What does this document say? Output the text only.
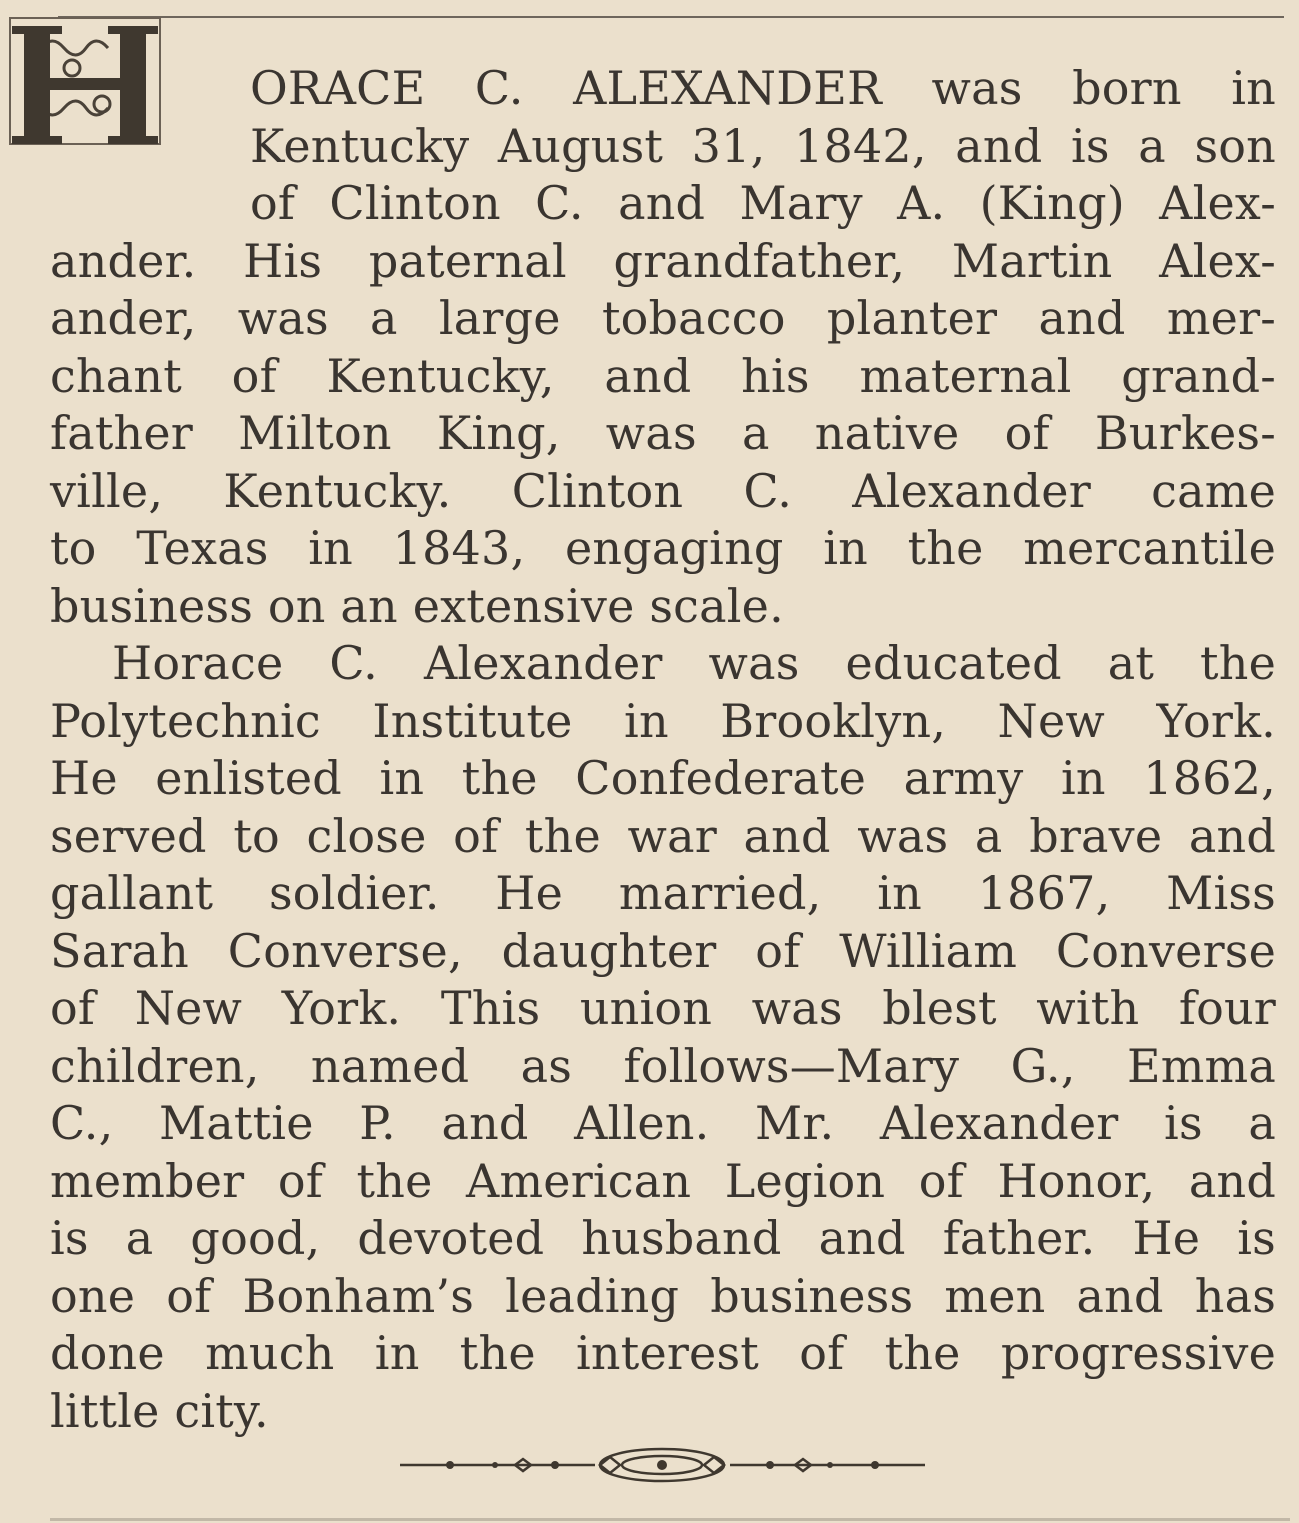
ORACE C. ALEXANDER was born in
Kentucky August 31, 1842, and is a son
of Clinton C. and Mary A. (King) Alex-
ander. His paternal grandfather, Martin Alex-
ander, was a large tobacco planter and mer-
chant of Kentucky, and his maternal grand-
father Milton King, was a native of Burkes-
ville, Kentucky. Clinton C. Alexander came
to Texas in 1843, engaging in the mercantile
business on an extensive scale.
Horace C. Alexander was educated at the
Polytechnic Institute in Brooklyn, New York.
He enlisted in the Confederate army in 1862,
served to close of the war and was a brave and
gallant soldier. He married, in 1867, Miss
Sarah Converse, daughter of William Converse
of New York. This union was blest with four
children, named as follows—Mary G., Emma
C., Mattie P. and Allen. Mr. Alexander is a
member of the American Legion of Honor, and
is a good, devoted husband and father. He is
one of Bonham’s leading business men and has
done much in the interest of the progressive
little city.
